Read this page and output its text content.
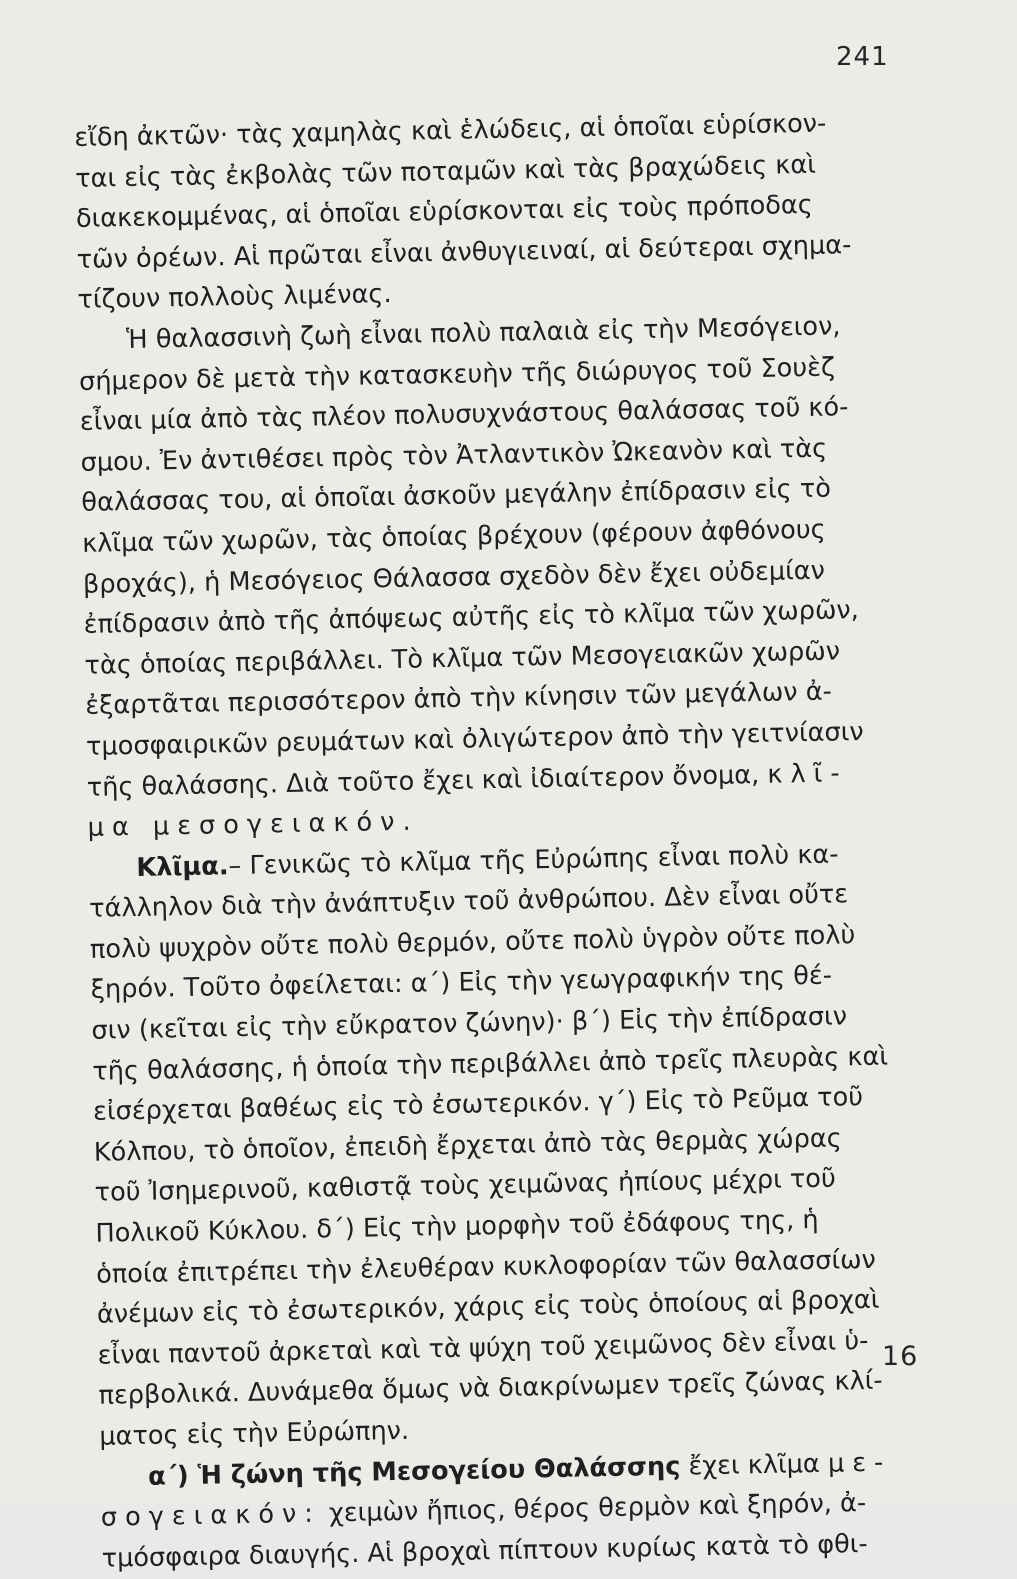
241
εἴδη ἀκτῶν· τὰς χαμηλὰς καὶ ἑλώδεις, αἱ ὁποῖαι εὑρίσκον-
ται εἰς τὰς ἐκβολὰς τῶν ποταμῶν καὶ τὰς βραχώδεις καὶ
διακεκομμένας, αἱ ὁποῖαι εὑρίσκονται εἰς τοὺς πρόποδας
τῶν ὀρέων. Αἱ πρῶται εἶναι ἀνθυγιειναί, αἱ δεύτεραι σχημα-
τίζουν πολλοὺς λιμένας.
Ἡ θαλασσινὴ ζωὴ εἶναι πολὺ παλαιὰ εἰς τὴν Μεσόγειον,
σήμερον δὲ μετὰ τὴν κατασκευὴν τῆς διώρυγος τοῦ Σουὲζ
εἶναι μία ἀπὸ τὰς πλέον πολυσυχνάστους θαλάσσας τοῦ κό-
σμου. Ἐν ἀντιθέσει πρὸς τὸν Ἀτλαντικὸν Ὠκεανὸν καὶ τὰς
θαλάσσας του, αἱ ὁποῖαι ἀσκοῦν μεγάλην ἐπίδρασιν εἰς τὸ
κλῖμα τῶν χωρῶν, τὰς ὁποίας βρέχουν (φέρουν ἀφθόνους
βροχάς), ἡ Μεσόγειος Θάλασσα σχεδὸν δὲν ἔχει οὐδεμίαν
ἐπίδρασιν ἀπὸ τῆς ἀπόψεως αὐτῆς εἰς τὸ κλῖμα τῶν χωρῶν,
τὰς ὁποίας περιβάλλει. Τὸ κλῖμα τῶν Μεσογειακῶν χωρῶν
ἐξαρτᾶται περισσότερον ἀπὸ τὴν κίνησιν τῶν μεγάλων ἀ-
τμοσφαιρικῶν ρευμάτων καὶ ὀλιγώτερον ἀπὸ τὴν γειτνίασιν
τῆς θαλάσσης. Διὰ τοῦτο ἔχει καὶ ἰδιαίτερον ὄνομα, κλῖ-
μα μεσογειακόν.
Κλῖμα.– Γενικῶς τὸ κλῖμα τῆς Εὐρώπης εἶναι πολὺ κα-
τάλληλον διὰ τὴν ἀνάπτυξιν τοῦ ἀνθρώπου. Δὲν εἶναι οὔτε
πολὺ ψυχρὸν οὔτε πολὺ θερμόν, οὔτε πολὺ ὑγρὸν οὔτε πολὺ
ξηρόν. Τοῦτο ὀφείλεται: α΄) Εἰς τὴν γεωγραφικήν της θέ-
σιν (κεῖται εἰς τὴν εὔκρατον ζώνην)· β΄) Εἰς τὴν ἐπίδρασιν
τῆς θαλάσσης, ἡ ὁποία τὴν περιβάλλει ἀπὸ τρεῖς πλευρὰς καὶ
εἰσέρχεται βαθέως εἰς τὸ ἐσωτερικόν. γ΄) Εἰς τὸ Ρεῦμα τοῦ
Κόλπου, τὸ ὁποῖον, ἐπειδὴ ἔρχεται ἀπὸ τὰς θερμὰς χώρας
τοῦ Ἰσημερινοῦ, καθιστᾷ τοὺς χειμῶνας ἠπίους μέχρι τοῦ
Πολικοῦ Κύκλου. δ΄) Εἰς τὴν μορφὴν τοῦ ἐδάφους της, ἡ
ὁποία ἐπιτρέπει τὴν ἐλευθέραν κυκλοφορίαν τῶν θαλασσίων
ἀνέμων εἰς τὸ ἐσωτερικόν, χάρις εἰς τοὺς ὁποίους αἱ βροχαὶ
εἶναι παντοῦ ἀρκεταὶ καὶ τὰ ψύχη τοῦ χειμῶνος δὲν εἶναι ὑ-
περβολικά. Δυνάμεθα ὅμως νὰ διακρίνωμεν τρεῖς ζώνας κλί-
ματος εἰς τὴν Εὐρώπην.
α΄) Ἡ ζώνη τῆς Μεσογείου Θαλάσσης ἔχει κλῖμα με-
σογειακόν: χειμὼν ἤπιος, θέρος θερμὸν καὶ ξηρόν, ἀ-
τμόσφαιρα διαυγής. Αἱ βροχαὶ πίπτουν κυρίως κατὰ τὸ φθι-
16
